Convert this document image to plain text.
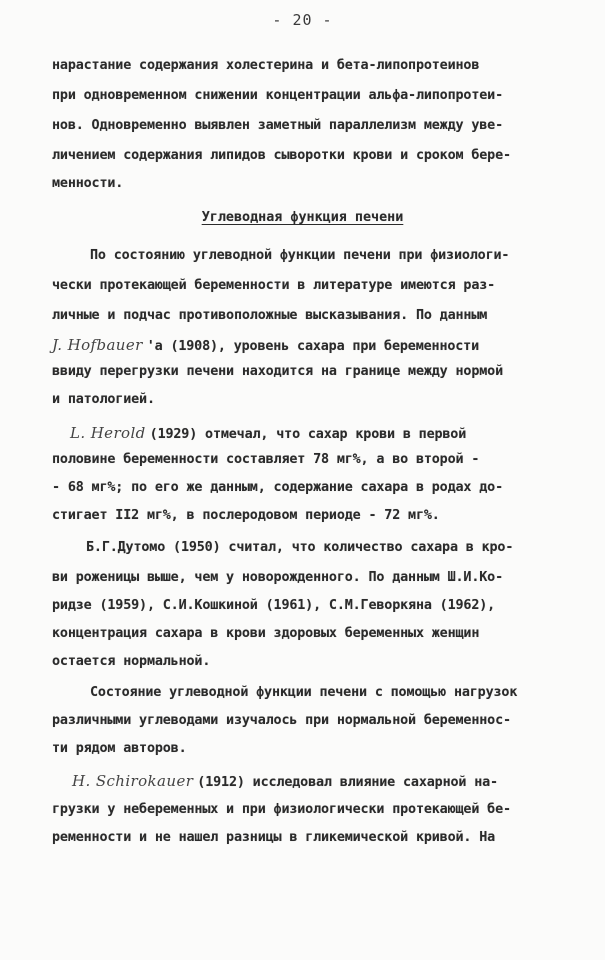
- 20 -
нарастание содержания холестерина и бета-липопротеинов
при одновременном снижении концентрации альфа-липопротеи-
нов. Одновременно выявлен заметный параллелизм между уве-
личением содержания липидов сыворотки крови и сроком бере-
менности.
Углеводная функция печени
По состоянию углеводной функции печени при физиологи-
чески протекающей беременности в литературе имеются раз-
личные и подчас противоположные высказывания. По данным
J. Hofbauer 'а (1908), уровень сахара при беременности
ввиду перегрузки печени находится на границе между нормой
и патологией.
L. Herold (1929) отмечал, что сахар крови в первой
половине беременности составляет 78 мг%, а во второй -
- 68 мг%; по его же данным, содержание сахара в родах до-
стигает II2 мг%, в послеродовом периоде - 72 мг%.
Б.Г.Дутомо (1950) считал, что количество сахара в кро-
ви роженицы выше, чем у новорожденного. По данным Ш.И.Ко-
ридзе (1959), С.И.Кошкиной (1961), С.М.Геворкяна (1962),
концентрация сахара в крови здоровых беременных женщин
остается нормальной.
Состояние углеводной функции печени с помощью нагрузок
различными углеводами изучалось при нормальной беременнос-
ти рядом авторов.
H. Schirokauer (1912) исследовал влияние сахарной на-
грузки у небеременных и при физиологически протекающей бе-
ременности и не нашел разницы в гликемической кривой. На
